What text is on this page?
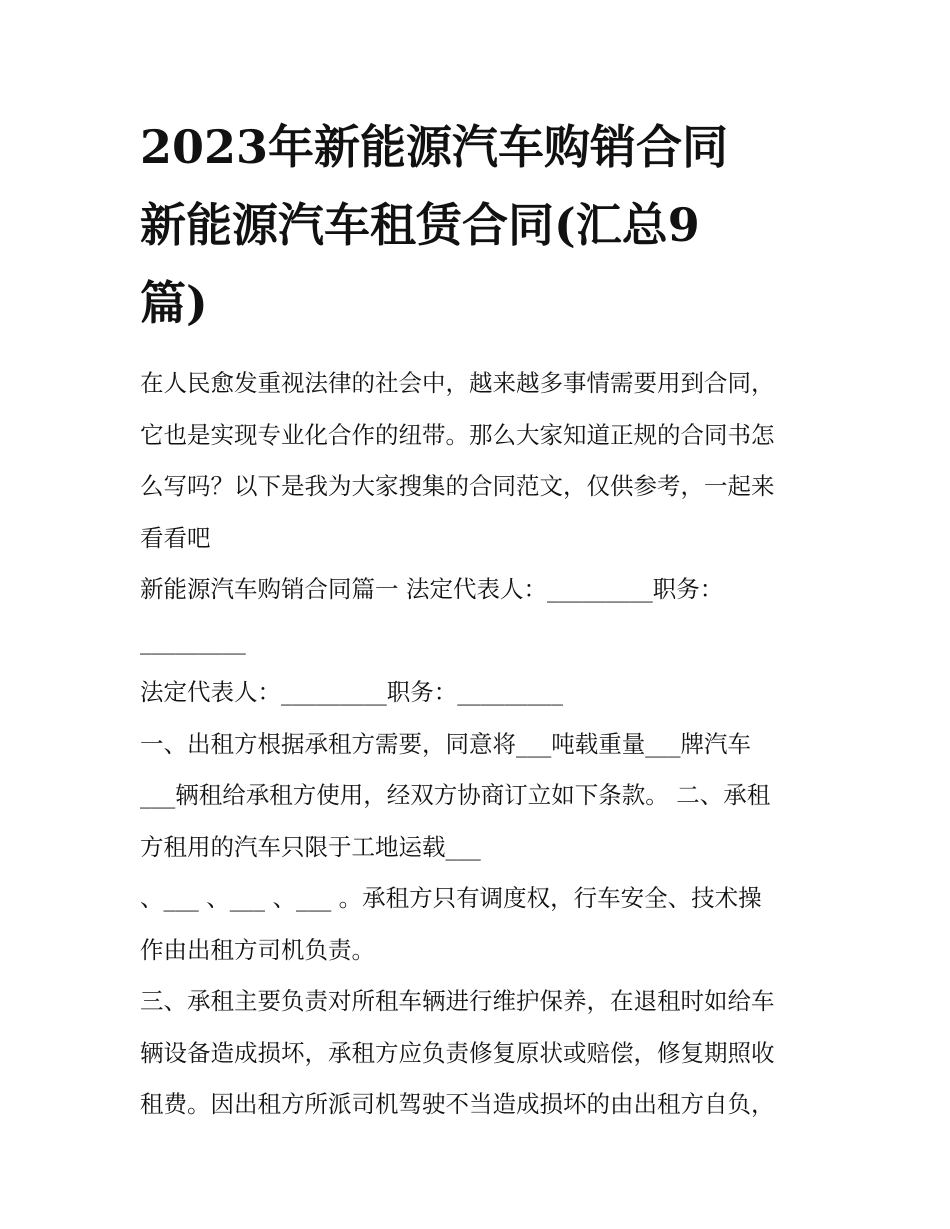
2023年新能源汽车购销合同
新能源汽车租赁合同(汇总9
篇)
在人民愈发重视法律的社会中，越来越多事情需要用到合同，
它也是实现专业化合作的纽带。那么大家知道正规的合同书怎
么写吗？以下是我为大家搜集的合同范文，仅供参考，一起来
看看吧
新能源汽车购销合同篇一 法定代表人：_________职务：
_________
法定代表人：_________职务：_________
一、出租方根据承租方需要，同意将___吨载重量___牌汽车
___辆租给承租方使用，经双方协商订立如下条款。 二、承租
方租用的汽车只限于工地运载___
、___ 、___ 、___ 。承租方只有调度权，行车安全、技术操
作由出租方司机负责。
三、承租主要负责对所租车辆进行维护保养，在退租时如给车
辆设备造成损坏，承租方应负责修复原状或赔偿，修复期照收
租费。因出租方所派司机驾驶不当造成损坏的由出租方自负，
